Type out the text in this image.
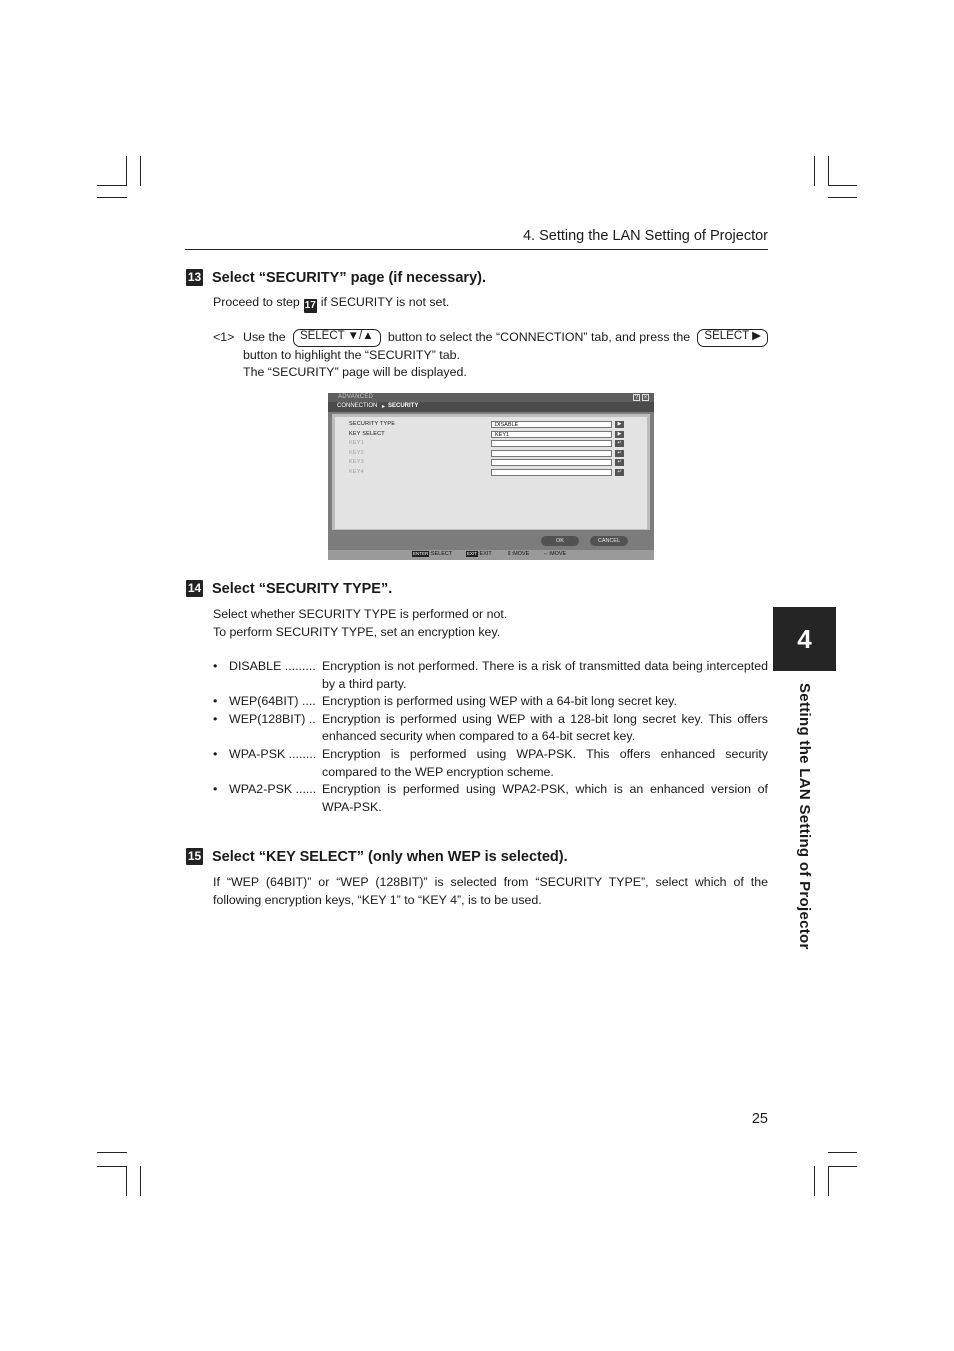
4. Setting the LAN Setting of Projector
13 Select “SECURITY” page (if necessary).
Proceed to step 17 if SECURITY is not set.
<1> Use the	SELECT ▼/▲	button to select the “CONNECTION” tab, and press the	SELECT ▶
button to highlight the “SECURITY” tab.
The “SECURITY” page will be displayed.
ADVANCED	? ×
CONNECTION ▸ SECURITY
SECURITY TYPE	DISABLE	▶
KEY SELECT	KEY1	▶
KEY1	↵
KEY2	↵
KEY3	↵
KEY4	↵
OK	CANCEL
ENTER:SELECT	EXIT:EXIT	⇕:MOVE ⇔:MOVE
14 Select “SECURITY TYPE”.
Select whether SECURITY TYPE is performed or not.
To perform SECURITY TYPE, set an encryption key.
• DISABLE ......... Encryption is not performed. There is a risk of transmitted data being intercepted by a third party.
• WEP(64BIT) .... Encryption is performed using WEP with a 64-bit long secret key.
• WEP(128BIT) .. Encryption is performed using WEP with a 128-bit long secret key. This offers enhanced security when compared to a 64-bit secret key.
• WPA-PSK ........ Encryption is performed using WPA-PSK. This offers enhanced security compared to the WEP encryption scheme.
• WPA2-PSK ...... Encryption is performed using WPA2-PSK, which is an enhanced version of WPA-PSK.
15 Select “KEY SELECT” (only when WEP is selected).
If “WEP (64BIT)” or “WEP (128BIT)” is selected from “SECURITY TYPE”, select which of the following encryption keys, “KEY 1” to “KEY 4”, is to be used.
4
Setting the LAN Setting of Projector
25
